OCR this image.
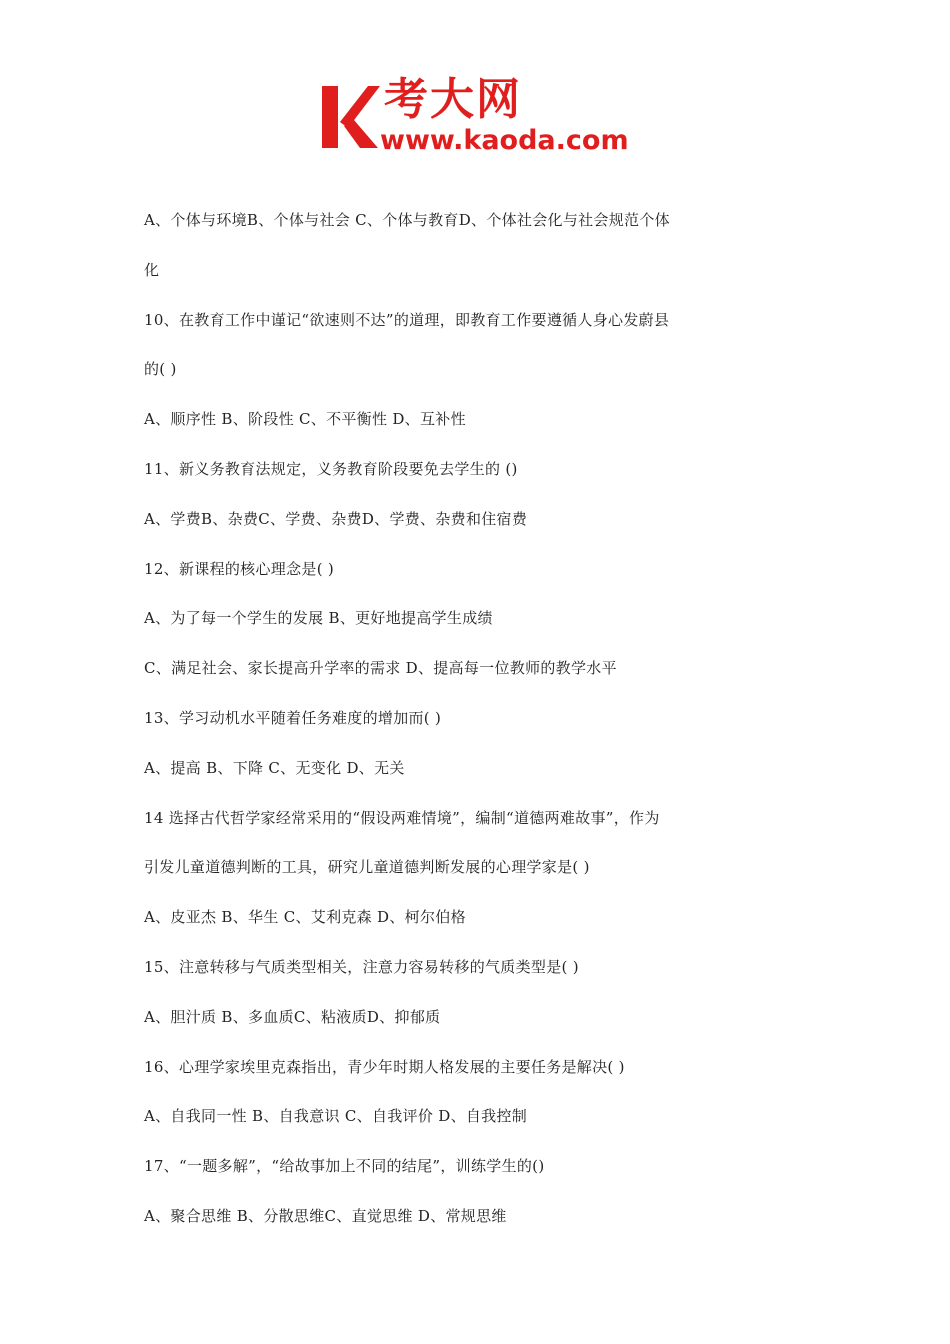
考大网
www.kaoda.com
A、个体与环境B、个体与社会 C、个体与教育D、个体社会化与社会规范个体
化
10、在教育工作中谨记“欲速则不达”的道理，即教育工作要遵循人身心发蔚县
的( )
A、顺序性 B、阶段性 C、不平衡性 D、互补性
11、新义务教育法规定，义务教育阶段要免去学生的 ()
A、学费B、杂费C、学费、杂费D、学费、杂费和住宿费
12、新课程的核心理念是( )
A、为了每一个学生的发展 B、更好地提高学生成绩
C、满足社会、家长提高升学率的需求 D、提高每一位教师的教学水平
13、学习动机水平随着任务难度的增加而( )
A、提高 B、下降 C、无变化 D、无关
14 选择古代哲学家经常采用的“假设两难情境”，编制“道德两难故事”，作为
引发儿童道德判断的工具，研究儿童道德判断发展的心理学家是( )
A、皮亚杰 B、华生 C、艾利克森 D、柯尔伯格
15、注意转移与气质类型相关，注意力容易转移的气质类型是( )
A、胆汁质 B、多血质C、粘液质D、抑郁质
16、心理学家埃里克森指出，青少年时期人格发展的主要任务是解决( )
A、自我同一性 B、自我意识 C、自我评价 D、自我控制
17、“一题多解”，“给故事加上不同的结尾”，训练学生的()
A、聚合思维 B、分散思维C、直觉思维 D、常规思维
